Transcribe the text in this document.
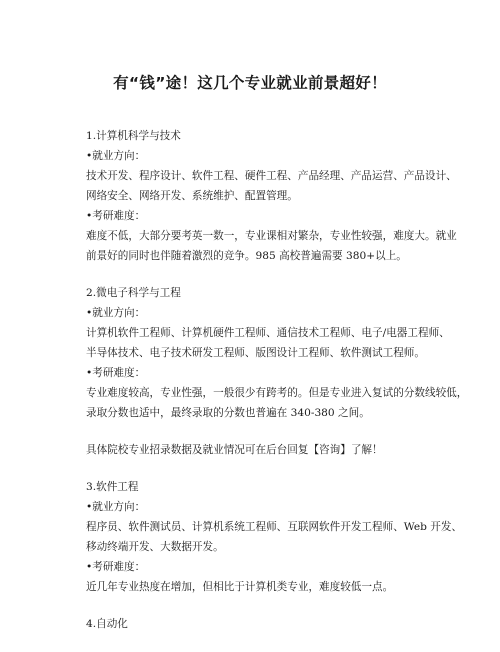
有“钱”途！这几个专业就业前景超好！

1.计算机科学与技术

•就业方向：

技术开发、程序设计、软件工程、硬件工程、产品经理、产品运营、产品设计、

网络安全、网络开发、系统维护、配置管理。

•考研难度：

难度不低，大部分要考英一数一，专业课相对繁杂，专业性较强，难度大。就业

前景好的同时也伴随着激烈的竞争。985 高校普遍需要 380+以上。

2.微电子科学与工程

•就业方向：

计算机软件工程师、计算机硬件工程师、通信技术工程师、电子/电器工程师、

半导体技术、电子技术研发工程师、版图设计工程师、软件测试工程师。

•考研难度：

专业难度较高，专业性强，一般很少有跨考的。但是专业进入复试的分数线较低，

录取分数也适中，最终录取的分数也普遍在 340-380 之间。

具体院校专业招录数据及就业情况可在后台回复【咨询】了解！

3.软件工程

•就业方向：

程序员、软件测试员、计算机系统工程师、互联网软件开发工程师、Web 开发、

移动终端开发、大数据开发。

•考研难度：

近几年专业热度在增加，但相比于计算机类专业，难度较低一点。

4.自动化
